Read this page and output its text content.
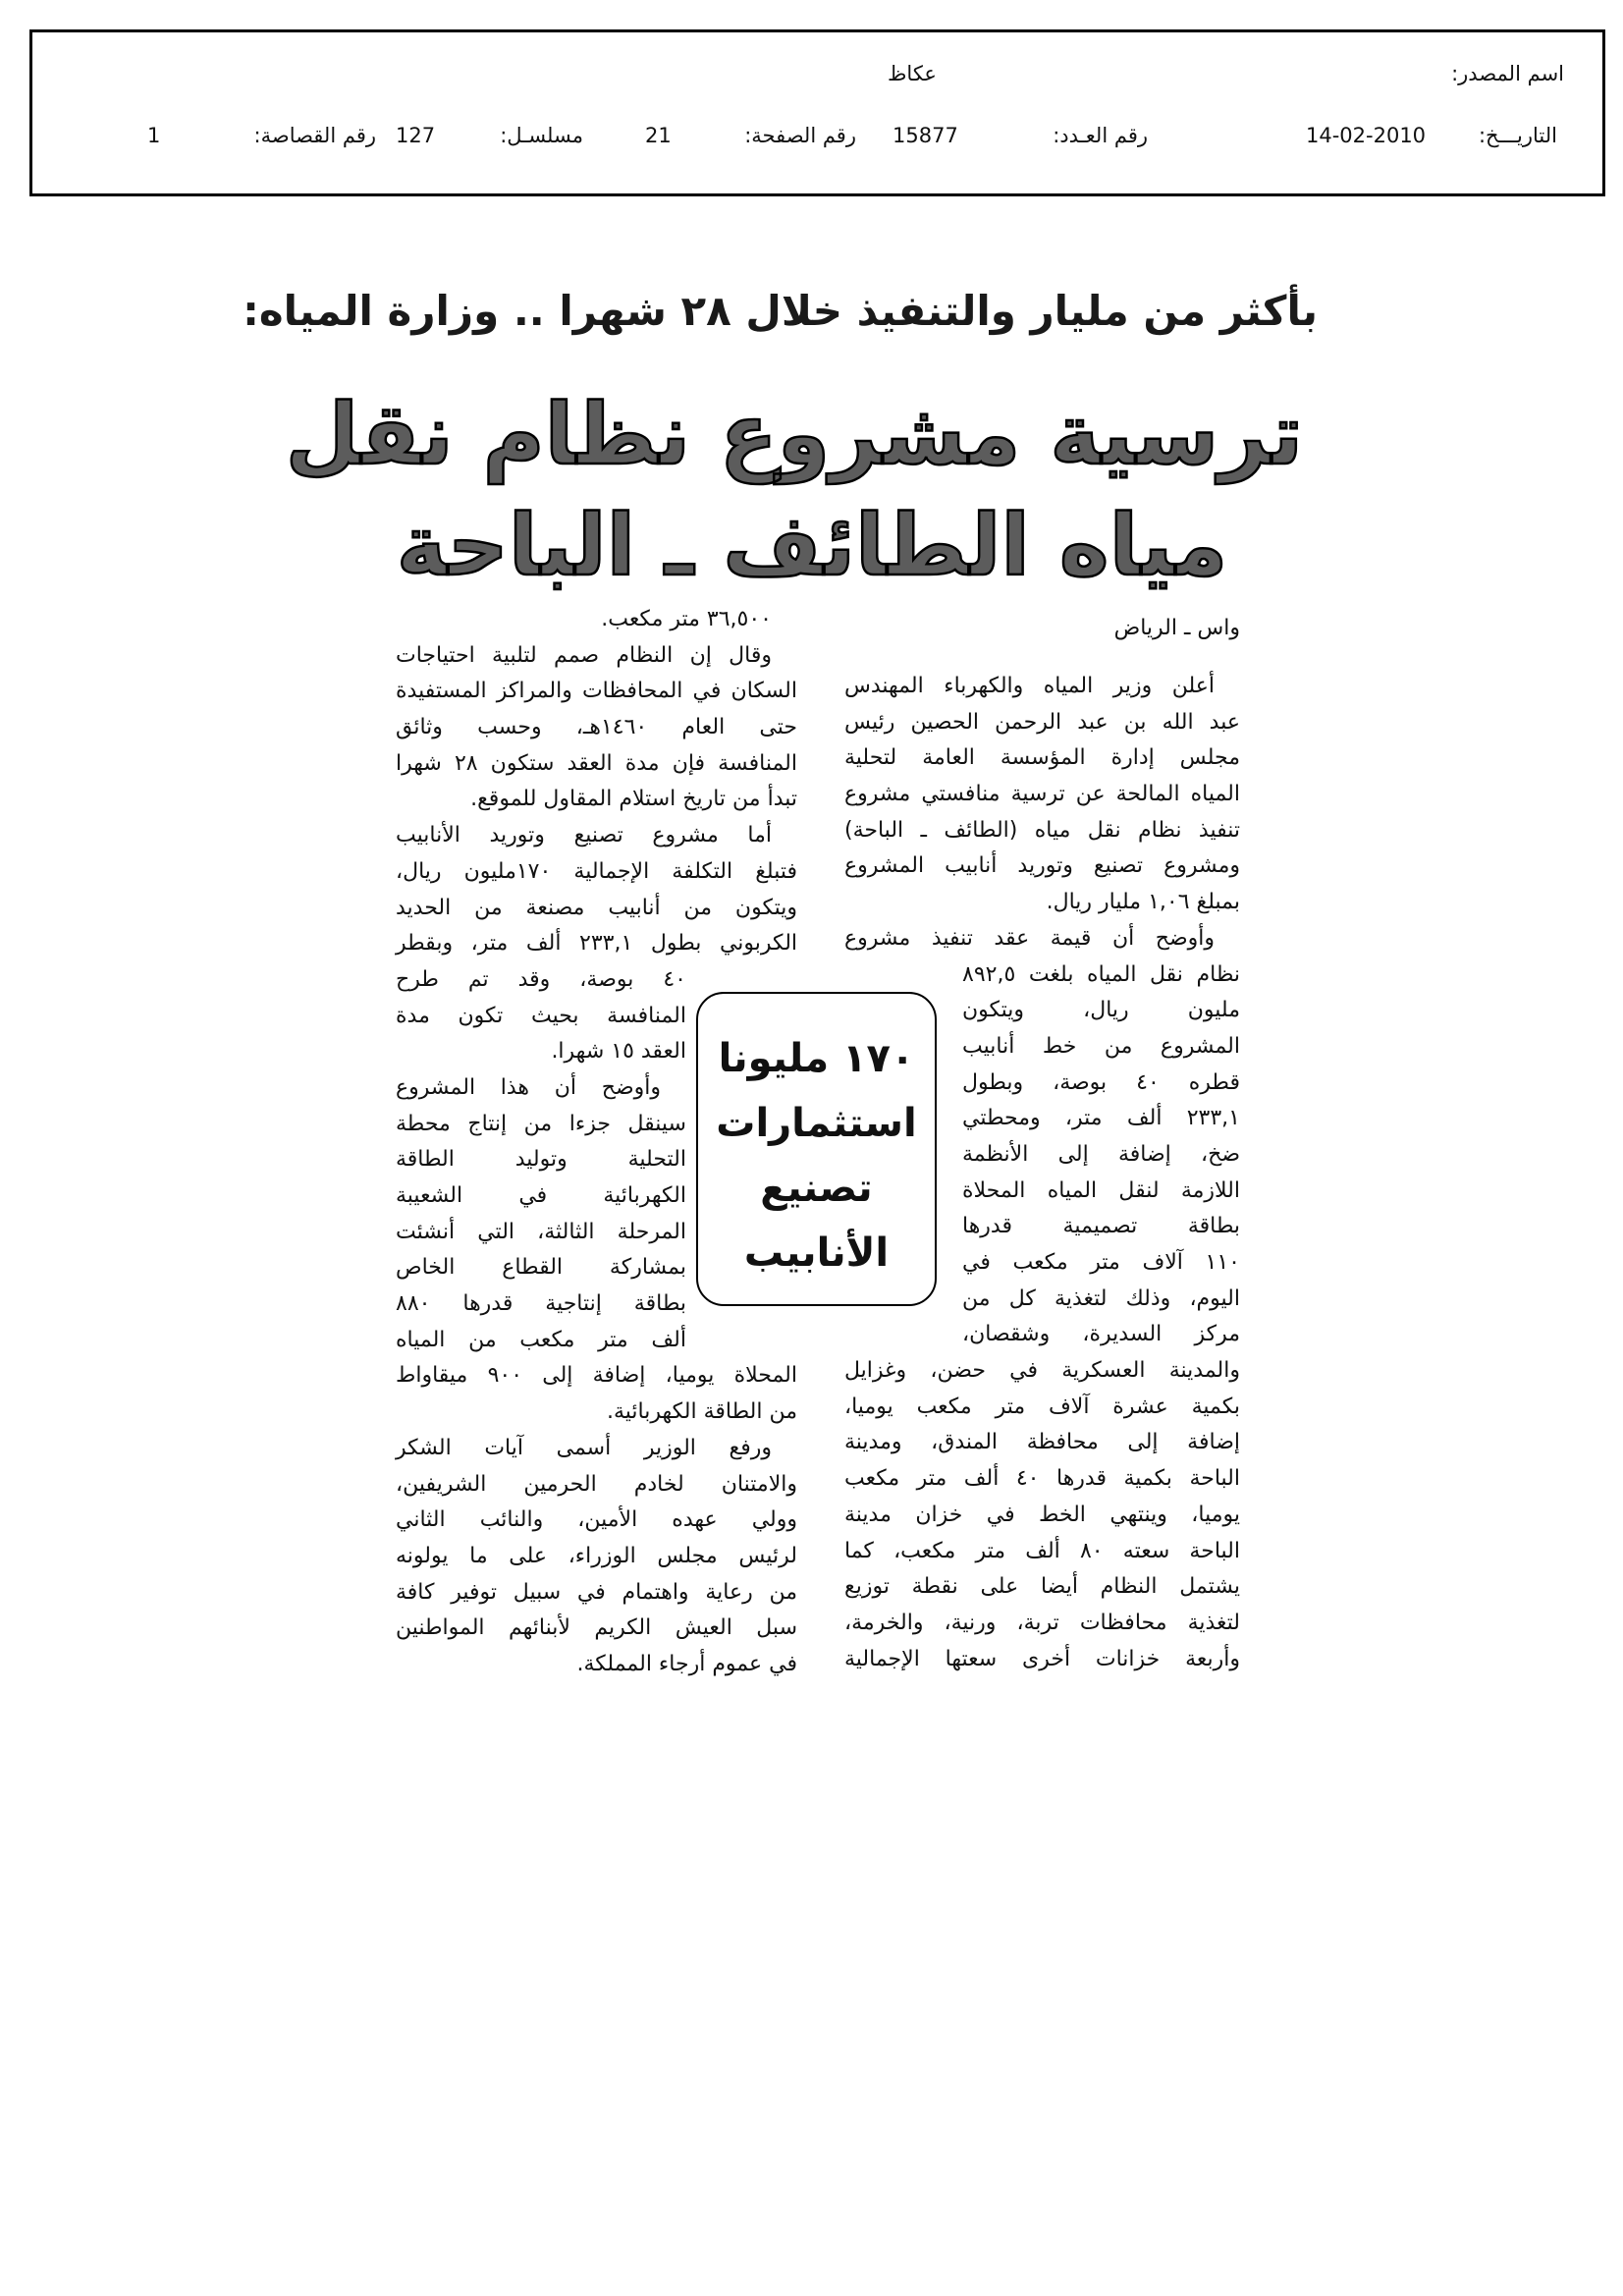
اسم المصدر:
عكاظ
التاريـــخ:
14-02-2010
رقم العـدد:
15877
رقم الصفحة:
21
مسلسـل:
127
رقم القصاصة:
1
بأكثر من مليار والتنفيذ خلال ٢٨ شهرا .. وزارة المياه:
ترسية مشروع نظام نقل
مياه الطائف ـ الباحة
واس ـ الرياض
أعلن وزير المياه والكهرباء المهندس
عبد الله بن عبد الرحمن الحصين رئيس
مجلس إدارة المؤسسة العامة لتحلية
المياه المالحة عن ترسية منافستي مشروع
تنفيذ نظام نقل مياه (الطائف ـ الباحة)
ومشروع تصنيع وتوريد أنابيب المشروع
بمبلغ ١,٠٦ مليار ريال.
وأوضح أن قيمة عقد تنفيذ مشروع
نظام نقل المياه بلغت ٨٩٢,٥
مليون ريال، ويتكون
المشروع من خط أنابيب
قطره ٤٠ بوصة، وبطول
٢٣٣,١ ألف متر، ومحطتي
ضخ، إضافة إلى الأنظمة
اللازمة لنقل المياه المحلاة
بطاقة تصميمية قدرها
١١٠ آلاف متر مكعب في
اليوم، وذلك لتغذية كل من
مركز السديرة، وشقصان،
والمدينة العسكرية في حضن، وغزايل
بكمية عشرة آلاف متر مكعب يوميا،
إضافة إلى محافظة المندق، ومدينة
الباحة بكمية قدرها ٤٠ ألف متر مكعب
يوميا، وينتهي الخط في خزان مدينة
الباحة سعته ٨٠ ألف متر مكعب، كما
يشتمل النظام أيضا على نقطة توزيع
لتغذية محافظات تربة، ورنية، والخرمة،
وأربعة خزانات أخرى سعتها الإجمالية
٣٦,٥٠٠ متر مكعب.
وقال إن النظام صمم لتلبية احتياجات
السكان في المحافظات والمراكز المستفيدة
حتى العام ١٤٦٠هـ، وحسب وثائق
المنافسة فإن مدة العقد ستكون ٢٨ شهرا
تبدأ من تاريخ استلام المقاول للموقع.
أما مشروع تصنيع وتوريد الأنابيب
فتبلغ التكلفة الإجمالية ١٧٠مليون ريال،
ويتكون من أنابيب مصنعة من الحديد
الكربوني بطول ٢٣٣,١ ألف متر، وبقطر
٤٠ بوصة، وقد تم طرح
المنافسة بحيث تكون مدة
العقد ١٥ شهرا.
وأوضح أن هذا المشروع
سينقل جزءا من إنتاج محطة
التحلية وتوليد الطاقة
الكهربائية في الشعيبة
المرحلة الثالثة، التي أنشئت
بمشاركة القطاع الخاص
بطاقة إنتاجية قدرها ٨٨٠
ألف متر مكعب من المياه
المحلاة يوميا، إضافة إلى ٩٠٠ ميقاواط
من الطاقة الكهربائية.
ورفع الوزير أسمى آيات الشكر
والامتنان لخادم الحرمين الشريفين،
وولي عهده الأمين، والنائب الثاني
لرئيس مجلس الوزراء، على ما يولونه
من رعاية واهتمام في سبيل توفير كافة
سبل العيش الكريم لأبنائهم المواطنين
في عموم أرجاء المملكة.
١٧٠ مليونا
استثمارات
تصنيع
الأنابيب
